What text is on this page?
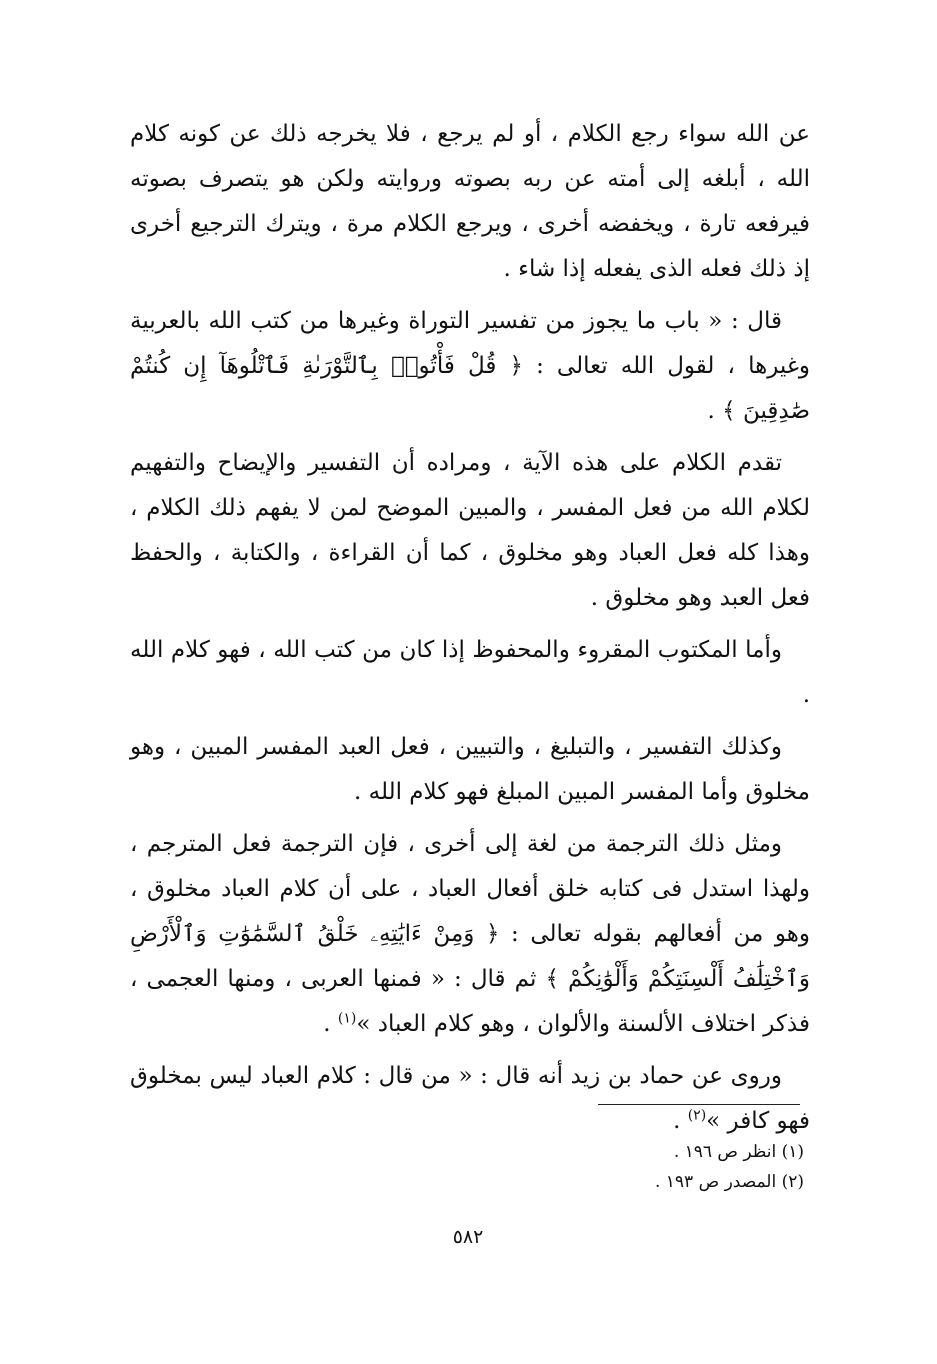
عن الله سواء رجع الكلام ، أو لم يرجع ، فلا يخرجه ذلك عن كونه كلام الله ، أبلغه إلى أمته عن ربه بصوته وروايته ولكن هو يتصرف بصوته فيرفعه تارة ، ويخفضه أخرى ، ويرجع الكلام مرة ، ويترك الترجيع أخرى إذ ذلك فعله الذى يفعله إذا شاء .

قال : « باب ما يجوز من تفسير التوراة وغيرها من كتب الله بالعربية وغيرها ، لقول الله تعالى : ﴿ قُلْ فَأْتُوا۟ بِٱلتَّوْرَىٰةِ فَٱتْلُوهَآ إِن كُنتُمْ صَٰدِقِينَ ﴾ .

تقدم الكلام على هذه الآية ، ومراده أن التفسير والإيضاح والتفهيم لكلام الله من فعل المفسر ، والمبين الموضح لمن لا يفهم ذلك الكلام ، وهذا كله فعل العباد وهو مخلوق ، كما أن القراءة ، والكتابة ، والحفظ فعل العبد وهو مخلوق .

وأما المكتوب المقروء والمحفوظ إذا كان من كتب الله ، فهو كلام الله .

وكذلك التفسير ، والتبليغ ، والتبيين ، فعل العبد المفسر المبين ، وهو مخلوق وأما المفسر المبين المبلغ فهو كلام الله .

ومثل ذلك الترجمة من لغة إلى أخرى ، فإن الترجمة فعل المترجم ، ولهذا استدل فى كتابه خلق أفعال العباد ، على أن كلام العباد مخلوق ، وهو من أفعالهم بقوله تعالى : ﴿ وَمِنْ ءَايَٰتِهِۦ خَلْقُ ٱلسَّمَٰوَٰتِ وَٱلْأَرْضِ وَٱخْتِلَٰفُ أَلْسِنَتِكُمْ وَأَلْوَٰنِكُمْ ﴾ ثم قال : « فمنها العربى ، ومنها العجمى ، فذكر اختلاف الألسنة والألوان ، وهو كلام العباد »$^{(١)}$ .

وروى عن حماد بن زيد أنه قال : « من قال : كلام العباد ليس بمخلوق فهو كافر »$^{(٢)}$ .

(١) انظر ص ١٩٦ .

(٢) المصدر ص ١٩٣ .

٥٨٢
